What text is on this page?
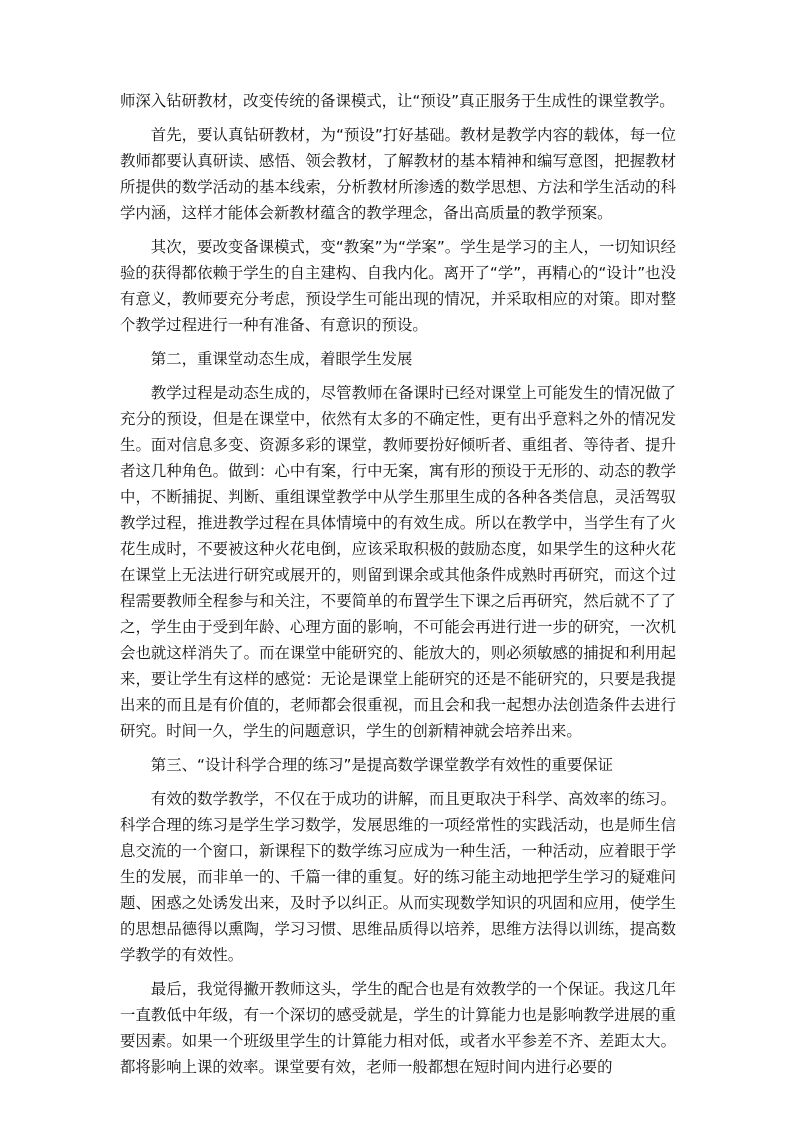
师深入钻研教材，改变传统的备课模式，让“预设”真正服务于生成性的课堂教学。

首先，要认真钻研教材，为“预设”打好基础。教材是教学内容的载体，每一位教师都要认真研读、感悟、领会教材，了解教材的基本精神和编写意图，把握教材所提供的数学活动的基本线索，分析教材所渗透的数学思想、方法和学生活动的科学内涵，这样才能体会新教材蕴含的教学理念，备出高质量的教学预案。

其次，要改变备课模式，变“教案”为“学案”。学生是学习的主人，一切知识经验的获得都依赖于学生的自主建构、自我内化。离开了“学”，再精心的“设计”也没有意义，教师要充分考虑，预设学生可能出现的情况，并采取相应的对策。即对整个教学过程进行一种有准备、有意识的预设。

第二，重课堂动态生成，着眼学生发展

教学过程是动态生成的，尽管教师在备课时已经对课堂上可能发生的情况做了充分的预设，但是在课堂中，依然有太多的不确定性，更有出乎意料之外的情况发生。面对信息多变、资源多彩的课堂，教师要扮好倾听者、重组者、等待者、提升者这几种角色。做到：心中有案，行中无案，寓有形的预设于无形的、动态的教学中，不断捕捉、判断、重组课堂教学中从学生那里生成的各种各类信息，灵活驾驭教学过程，推进教学过程在具体情境中的有效生成。所以在教学中，当学生有了火花生成时，不要被这种火花电倒，应该采取积极的鼓励态度，如果学生的这种火花在课堂上无法进行研究或展开的，则留到课余或其他条件成熟时再研究，而这个过程需要教师全程参与和关注，不要简单的布置学生下课之后再研究，然后就不了了之，学生由于受到年龄、心理方面的影响，不可能会再进行进一步的研究，一次机会也就这样消失了。而在课堂中能研究的、能放大的，则必须敏感的捕捉和利用起来，要让学生有这样的感觉：无论是课堂上能研究的还是不能研究的，只要是我提出来的而且是有价值的，老师都会很重视，而且会和我一起想办法创造条件去进行研究。时间一久，学生的问题意识，学生的创新精神就会培养出来。

第三、“设计科学合理的练习”是提高数学课堂教学有效性的重要保证

有效的数学教学，不仅在于成功的讲解，而且更取决于科学、高效率的练习。科学合理的练习是学生学习数学，发展思维的一项经常性的实践活动，也是师生信息交流的一个窗口，新课程下的数学练习应成为一种生活，一种活动，应着眼于学生的发展，而非单一的、千篇一律的重复。好的练习能主动地把学生学习的疑难问题、困惑之处诱发出来，及时予以纠正。从而实现数学知识的巩固和应用，使学生的思想品德得以熏陶，学习习惯、思维品质得以培养，思维方法得以训练，提高数学教学的有效性。

最后，我觉得撇开教师这头，学生的配合也是有效教学的一个保证。我这几年一直教低中年级，有一个深切的感受就是，学生的计算能力也是影响教学进展的重要因素。如果一个班级里学生的计算能力相对低，或者水平参差不齐、差距太大。都将影响上课的效率。课堂要有效，老师一般都想在短时间内进行必要的
